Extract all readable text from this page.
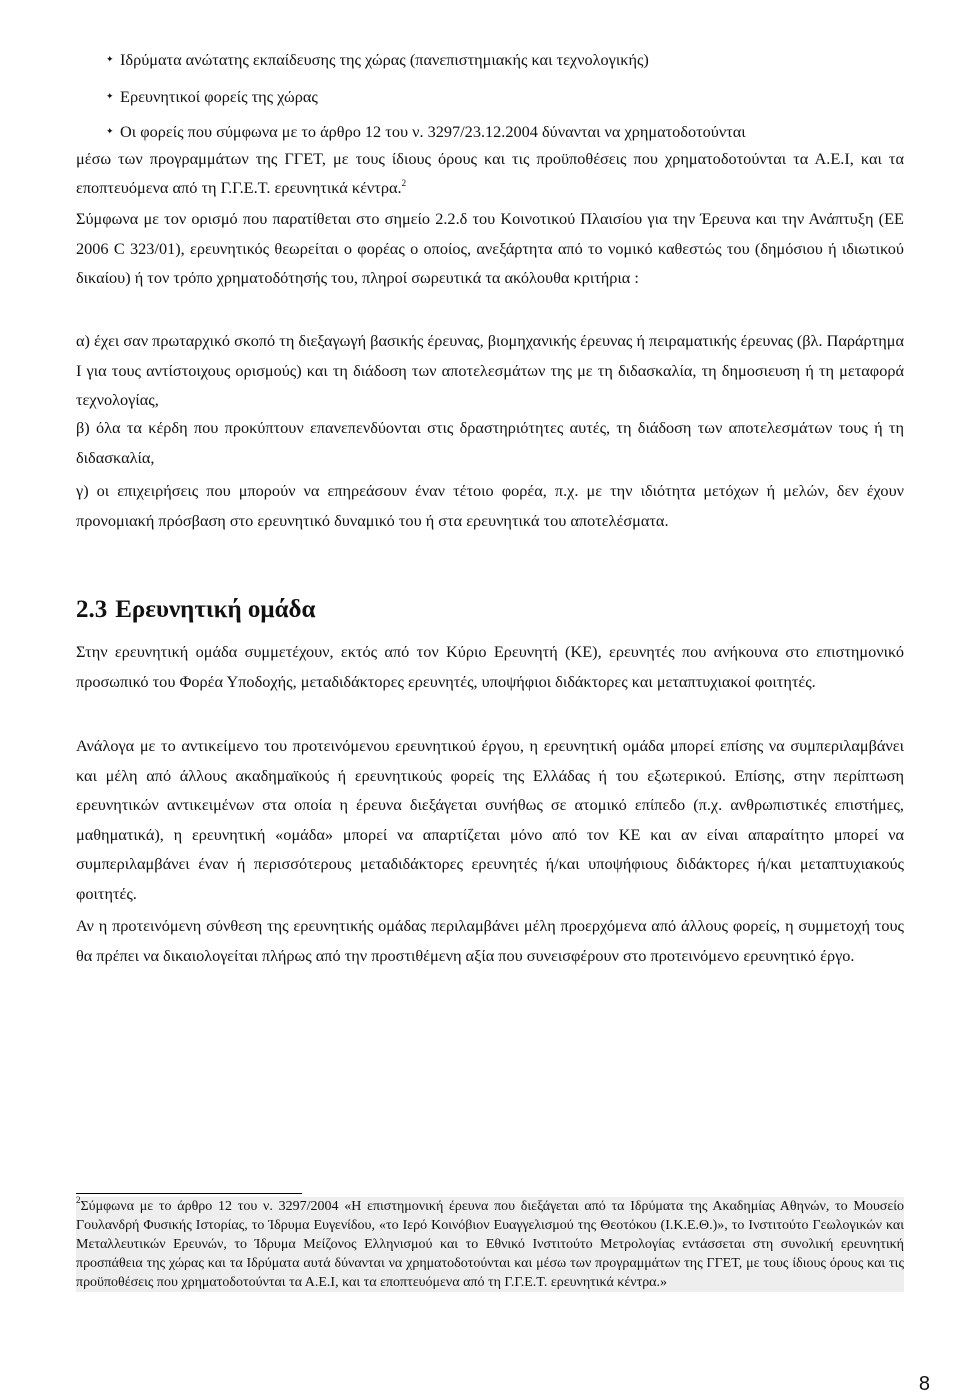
✦ Ιδρύματα ανώτατης εκπαίδευσης της χώρας (πανεπιστημιακής και τεχνολογικής)
✦ Ερευνητικοί φορείς της χώρας
✦ Οι φορείς που σύμφωνα με το άρθρο 12 του ν. 3297/23.12.2004 δύνανται να χρηματοδοτούνται
μέσω των προγραμμάτων της ΓΓΕΤ, με τους ίδιους όρους και τις προϋποθέσεις που χρηματοδοτούνται τα Α.Ε.Ι, και τα εποπτευόμενα από τη Γ.Γ.Ε.Τ. ερευνητικά κέντρα.$^2$
Σύμφωνα με τον ορισμό που παρατίθεται στο σημείο 2.2.δ του Κοινοτικού Πλαισίου για την Έρευνα και την Ανάπτυξη (ΕΕ 2006 C 323/01), ερευνητικός θεωρείται ο φορέας ο οποίος, ανεξάρτητα από το νομικό καθεστώς του (δημόσιου ή ιδιωτικού δικαίου) ή τον τρόπο χρηματοδότησής του, πληροί σωρευτικά τα ακόλουθα κριτήρια :
α) έχει σαν πρωταρχικό σκοπό τη διεξαγωγή βασικής έρευνας, βιομηχανικής έρευνας ή πειραματικής έρευνας (βλ. Παράρτημα Ι για τους αντίστοιχους ορισμούς) και τη διάδοση των αποτελεσμάτων της με τη διδασκαλία, τη δημοσιευση ή τη μεταφορά τεχνολογίας,
β) όλα τα κέρδη που προκύπτουν επανεπενδύονται στις δραστηριότητες αυτές, τη διάδοση των αποτελεσμάτων τους ή τη διδασκαλία,
γ) οι επιχειρήσεις που μπορούν να επηρεάσουν έναν τέτοιο φορέα, π.χ. με την ιδιότητα μετόχων ή μελών, δεν έχουν προνομιακή πρόσβαση στο ερευνητικό δυναμικό του ή στα ερευνητικά του αποτελέσματα.
2.3 Ερευνητική ομάδα
Στην ερευνητική ομάδα συμμετέχουν, εκτός από τον Κύριο Ερευνητή (ΚΕ), ερευνητές που ανήκουνα στο επιστημονικό προσωπικό του Φορέα Υποδοχής, μεταδιδάκτορες ερευνητές, υποψήφιοι διδάκτορες και μεταπτυχιακοί φοιτητές.
Ανάλογα με το αντικείμενο του προτεινόμενου ερευνητικού έργου, η ερευνητική ομάδα μπορεί επίσης να συμπεριλαμβάνει και μέλη από άλλους ακαδημαϊκούς ή ερευνητικούς φορείς της Ελλάδας ή του εξωτερικού. Επίσης, στην περίπτωση ερευνητικών αντικειμένων στα οποία η έρευνα διεξάγεται συνήθως σε ατομικό επίπεδο (π.χ. ανθρωπιστικές επιστήμες, μαθηματικά), η ερευνητική «ομάδα» μπορεί να απαρτίζεται μόνο από τον ΚΕ και αν είναι απαραίτητο μπορεί να συμπεριλαμβάνει έναν ή περισσότερους μεταδιδάκτορες ερευνητές ή/και υποψήφιους διδάκτορες ή/και μεταπτυχιακούς φοιτητές.
Αν η προτεινόμενη σύνθεση της ερευνητικής ομάδας περιλαμβάνει μέλη προερχόμενα από άλλους φορείς, η συμμετοχή τους θα πρέπει να δικαιολογείται πλήρως από την προστιθέμενη αξία που συνεισφέρουν στο προτεινόμενο ερευνητικό έργο.
$^2$Σύμφωνα με το άρθρο 12 του ν. 3297/2004 «Η επιστημονική έρευνα που διεξάγεται από τα Ιδρύματα της Ακαδημίας Αθηνών, το Μουσείο Γουλανδρή Φυσικής Ιστορίας, το Ίδρυμα Ευγενίδου, «το Ιερό Κοινόβιον Ευαγγελισμού της Θεοτόκου (Ι.Κ.Ε.Θ.)», το Ινστιτούτο Γεωλογικών και Μεταλλευτικών Ερευνών, το Ίδρυμα Μείζονος Ελληνισμού και το Εθνικό Ινστιτούτο Μετρολογίας εντάσσεται στη συνολική ερευνητική προσπάθεια της χώρας και τα Ιδρύματα αυτά δύνανται να χρηματοδοτούνται και μέσω των προγραμμάτων της ΓΓΕΤ, με τους ίδιους όρους και τις προϋποθέσεις που χρηματοδοτούνται τα Α.Ε.Ι, και τα εποπτευόμενα από τη Γ.Γ.Ε.Τ. ερευνητικά κέντρα.»
8
